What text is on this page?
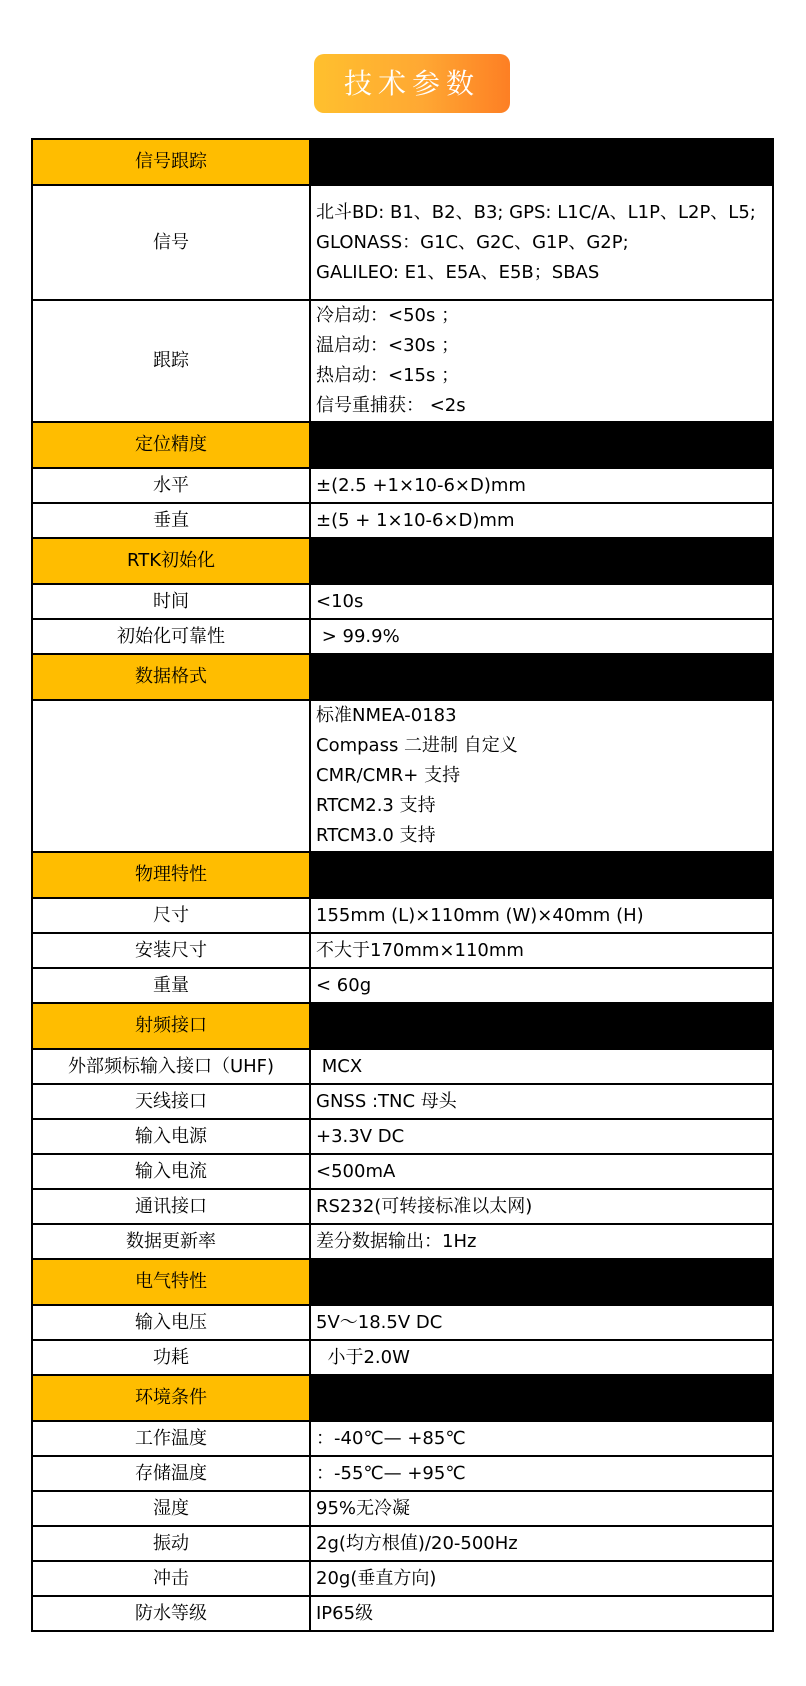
技术参数
信号跟踪	
信号	北斗BD: B1、B2、B3; GPS: L1C/A、L1P、L2P、L5;
GLONASS：G1C、G2C、G1P、G2P;
GALILEO: E1、E5A、E5B；SBAS

跟踪	冷启动：<50s ；
温启动：<30s ；
热启动：<15s ；
信号重捕获： <2s

定位精度	
水平	±(2.5 +1×10-6×D)mm

垂直	±(5 + 1×10-6×D)mm

RTK初始化	
时间	<10s

初始化可靠性	> 99.9%

数据格式	

	标准NMEA-0183
Compass 二进制 自定义
CMR/CMR+ 支持
RTCM2.3 支持
RTCM3.0 支持

物理特性	
尺寸	155mm (L)×110mm (W)×40mm (H)

安装尺寸	不大于170mm×110mm

重量	< 60g

射频接口	
外部频标输入接口（UHF)	MCX

天线接口	GNSS :TNC 母头

输入电源	+3.3V DC

输入电流	<500mA

通讯接口	RS232(可转接标准以太网)

数据更新率	差分数据输出：1Hz

电气特性	
输入电压	5V～18.5V DC

功耗	小于2.0W

环境条件	
工作温度	：-40℃— +85℃

存储温度	：-55℃— +95℃

湿度	95%无冷凝

振动	2g(均方根值)/20-500Hz

冲击	20g(垂直方向)

防水等级	IP65级
